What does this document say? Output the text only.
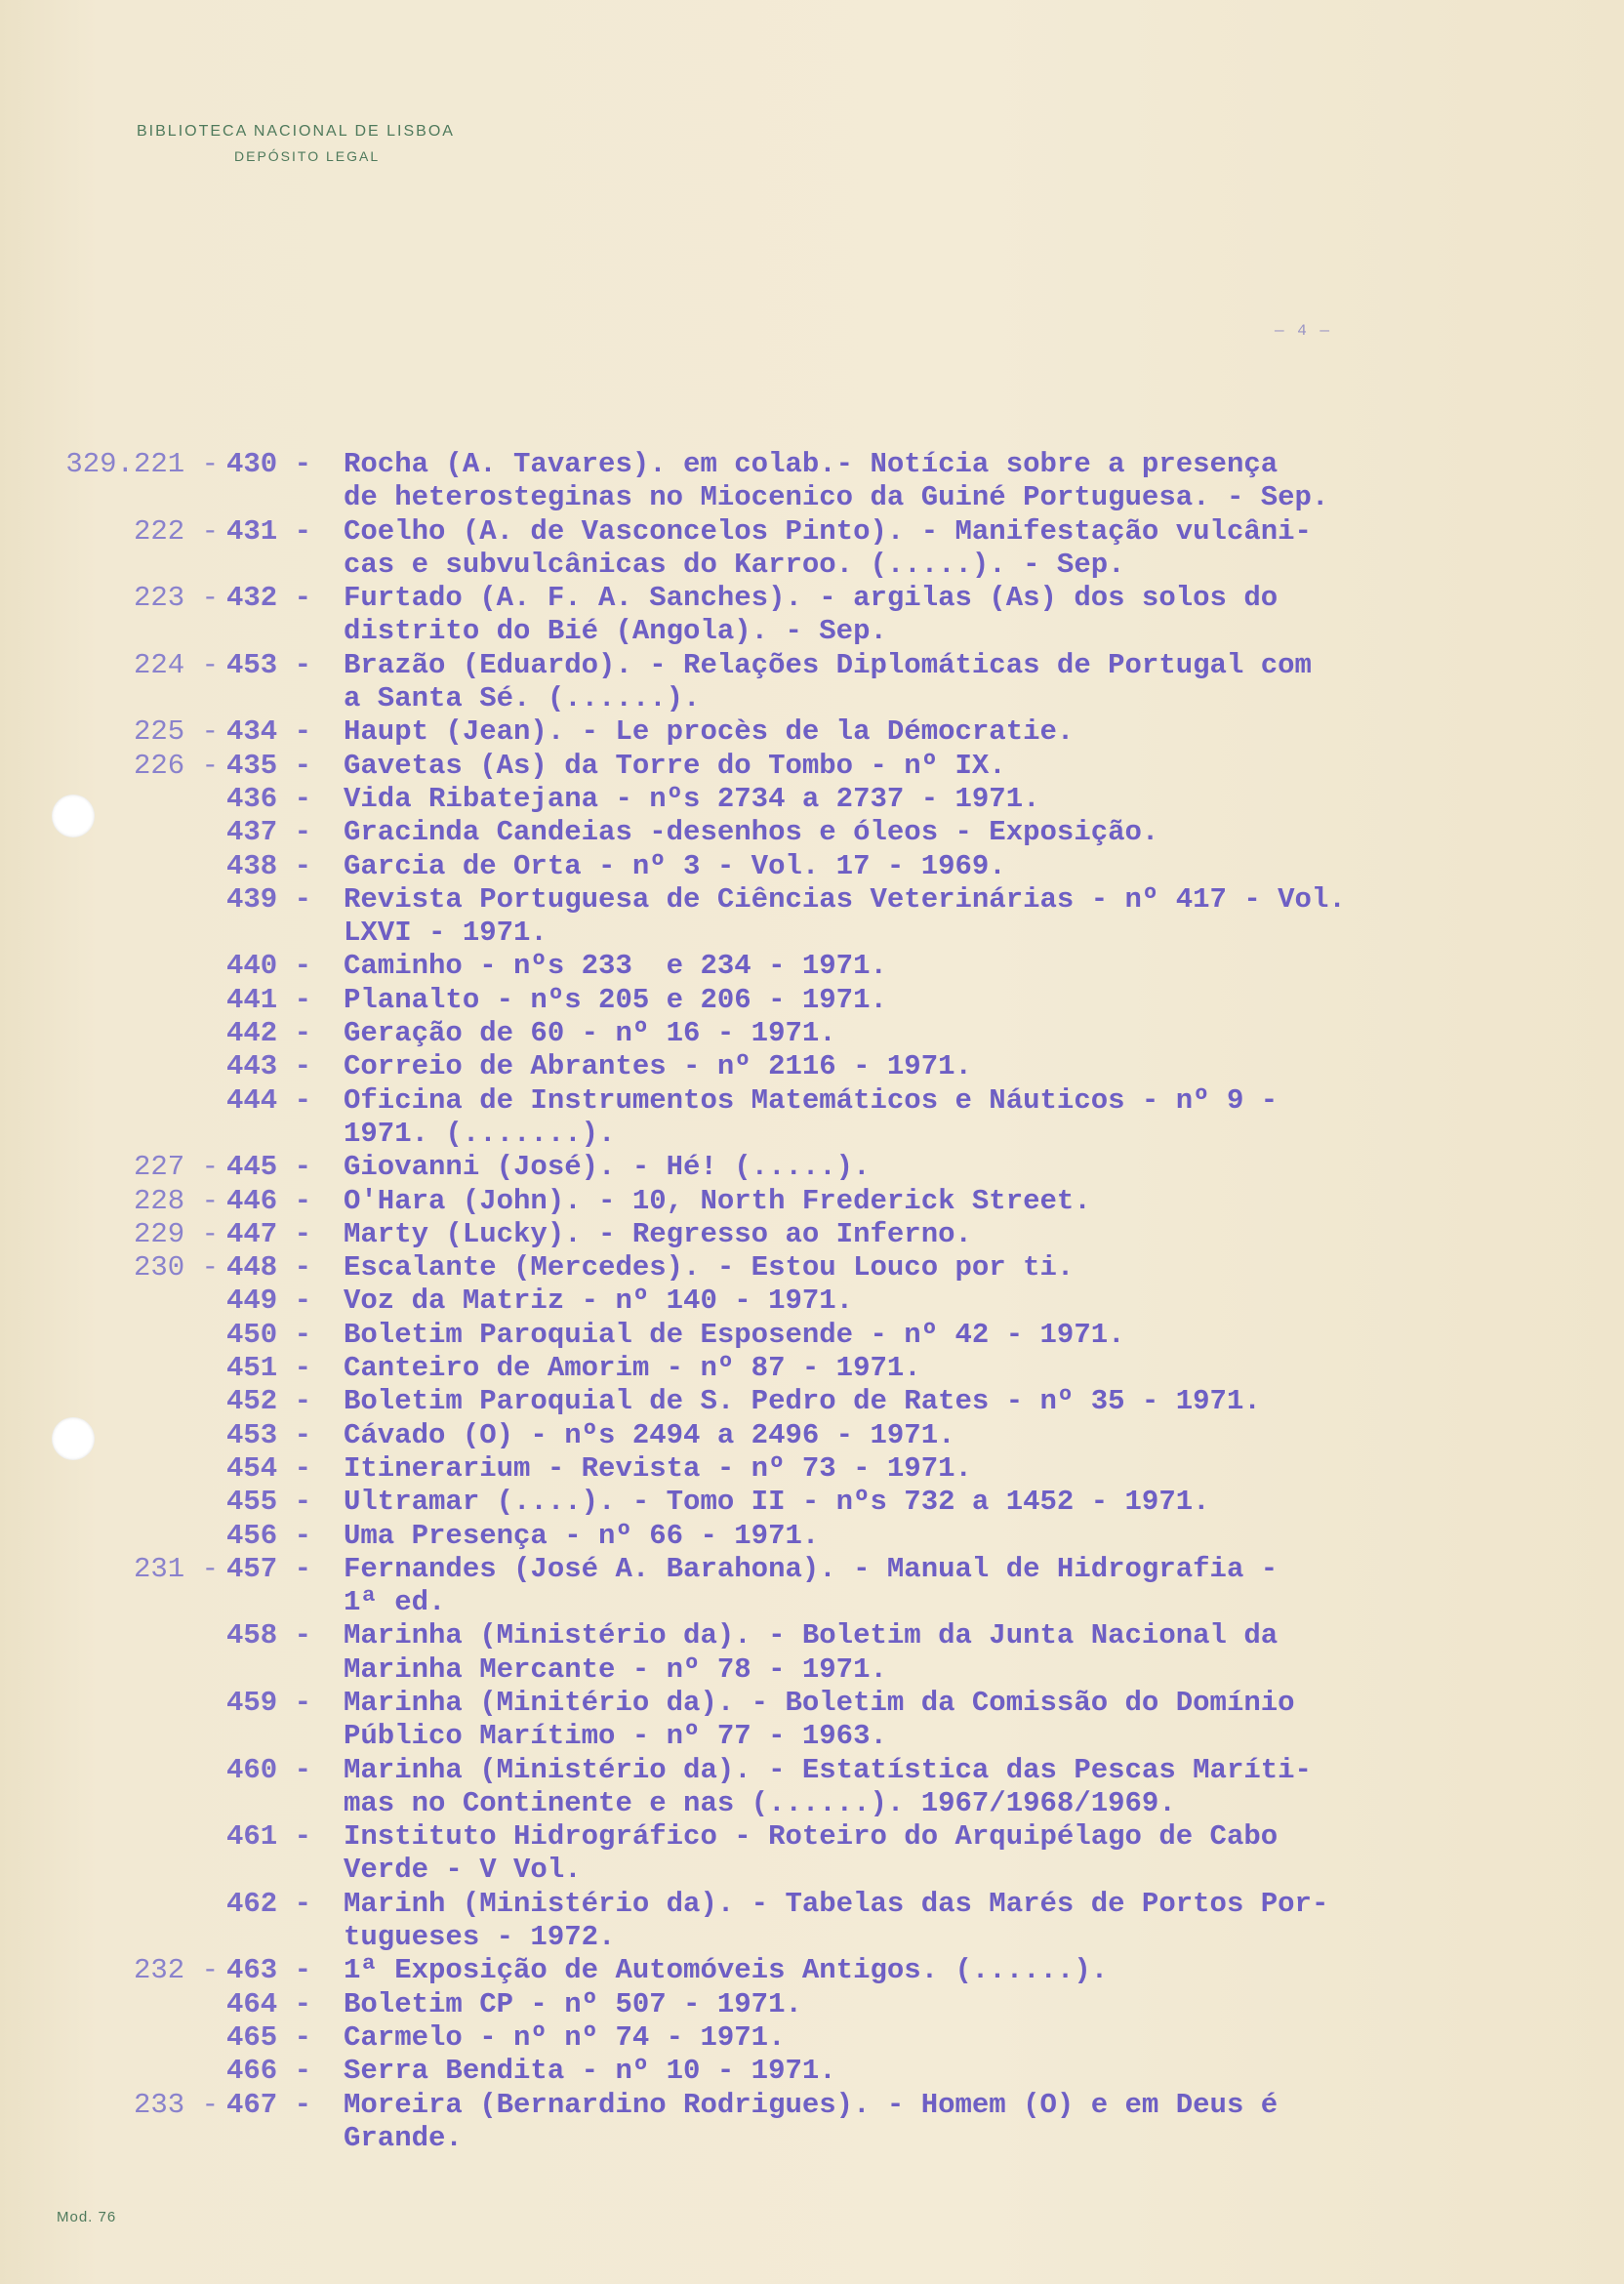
BIBLIOTECA NACIONAL DE LISBOA
DEPÓSITO LEGAL
— 4 —
329.221 - 430 -	Rocha (A. Tavares). em colab.- Notícia sobre a presença
de heterosteginas no Miocenico da Guiné Portuguesa. - Sep.
222 - 431 -	Coelho (A. de Vasconcelos Pinto). - Manifestação vulcâni-
cas e subvulcânicas do Karroo. (.....). - Sep.
223 - 432 -	Furtado (A. F. A. Sanches). - argilas (As) dos solos do
distrito do Bié (Angola). - Sep.
224 - 453 -	Brazão (Eduardo). - Relações Diplomáticas de Portugal com
a Santa Sé. (......).
225 - 434 -	Haupt (Jean). - Le procès de la Démocratie.
226 - 435 -	Gavetas (As) da Torre do Tombo - nº IX.
436 -	Vida Ribatejana - nºs 2734 a 2737 - 1971.
437 -	Gracinda Candeias -desenhos e óleos - Exposição.
438 -	Garcia de Orta - nº 3 - Vol. 17 - 1969.
439 -	Revista Portuguesa de Ciências Veterinárias - nº 417 - Vol.
LXVI - 1971.
440 -	Caminho - nºs 233  e 234 - 1971.
441 -	Planalto - nºs 205 e 206 - 1971.
442 -	Geração de 60 - nº 16 - 1971.
443 -	Correio de Abrantes - nº 2116 - 1971.
444 -	Oficina de Instrumentos Matemáticos e Náuticos - nº 9 -
1971. (.......).
227 - 445 -	Giovanni (José). - Hé! (.....).
228 - 446 -	O'Hara (John). - 10, North Frederick Street.
229 - 447 -	Marty (Lucky). - Regresso ao Inferno.
230 - 448 -	Escalante (Mercedes). - Estou Louco por ti.
449 -	Voz da Matriz - nº 140 - 1971.
450 -	Boletim Paroquial de Esposende - nº 42 - 1971.
451 -	Canteiro de Amorim - nº 87 - 1971.
452 -	Boletim Paroquial de S. Pedro de Rates - nº 35 - 1971.
453 -	Cávado (O) - nºs 2494 a 2496 - 1971.
454 -	Itinerarium - Revista - nº 73 - 1971.
455 -	Ultramar (....). - Tomo II - nºs 732 a 1452 - 1971.
456 -	Uma Presença - nº 66 - 1971.
231 - 457 -	Fernandes (José A. Barahona). - Manual de Hidrografia -
1ª ed.
458 -	Marinha (Ministério da). - Boletim da Junta Nacional da
Marinha Mercante - nº 78 - 1971.
459 -	Marinha (Minitério da). - Boletim da Comissão do Domínio
Público Marítimo - nº 77 - 1963.
460 -	Marinha (Ministério da). - Estatística das Pescas Maríti-
mas no Continente e nas (......). 1967/1968/1969.
461 -	Instituto Hidrográfico - Roteiro do Arquipélago de Cabo
Verde - V Vol.
462 -	Marinh (Ministério da). - Tabelas das Marés de Portos Por-
tugueses - 1972.
232 - 463 -	1ª Exposição de Automóveis Antigos. (......).
464 -	Boletim CP - nº 507 - 1971.
465 -	Carmelo - nº nº 74 - 1971.
466 -	Serra Bendita - nº 10 - 1971.
233 - 467 -	Moreira (Bernardino Rodrigues). - Homem (O) e em Deus é
Grande.
Mod. 76
